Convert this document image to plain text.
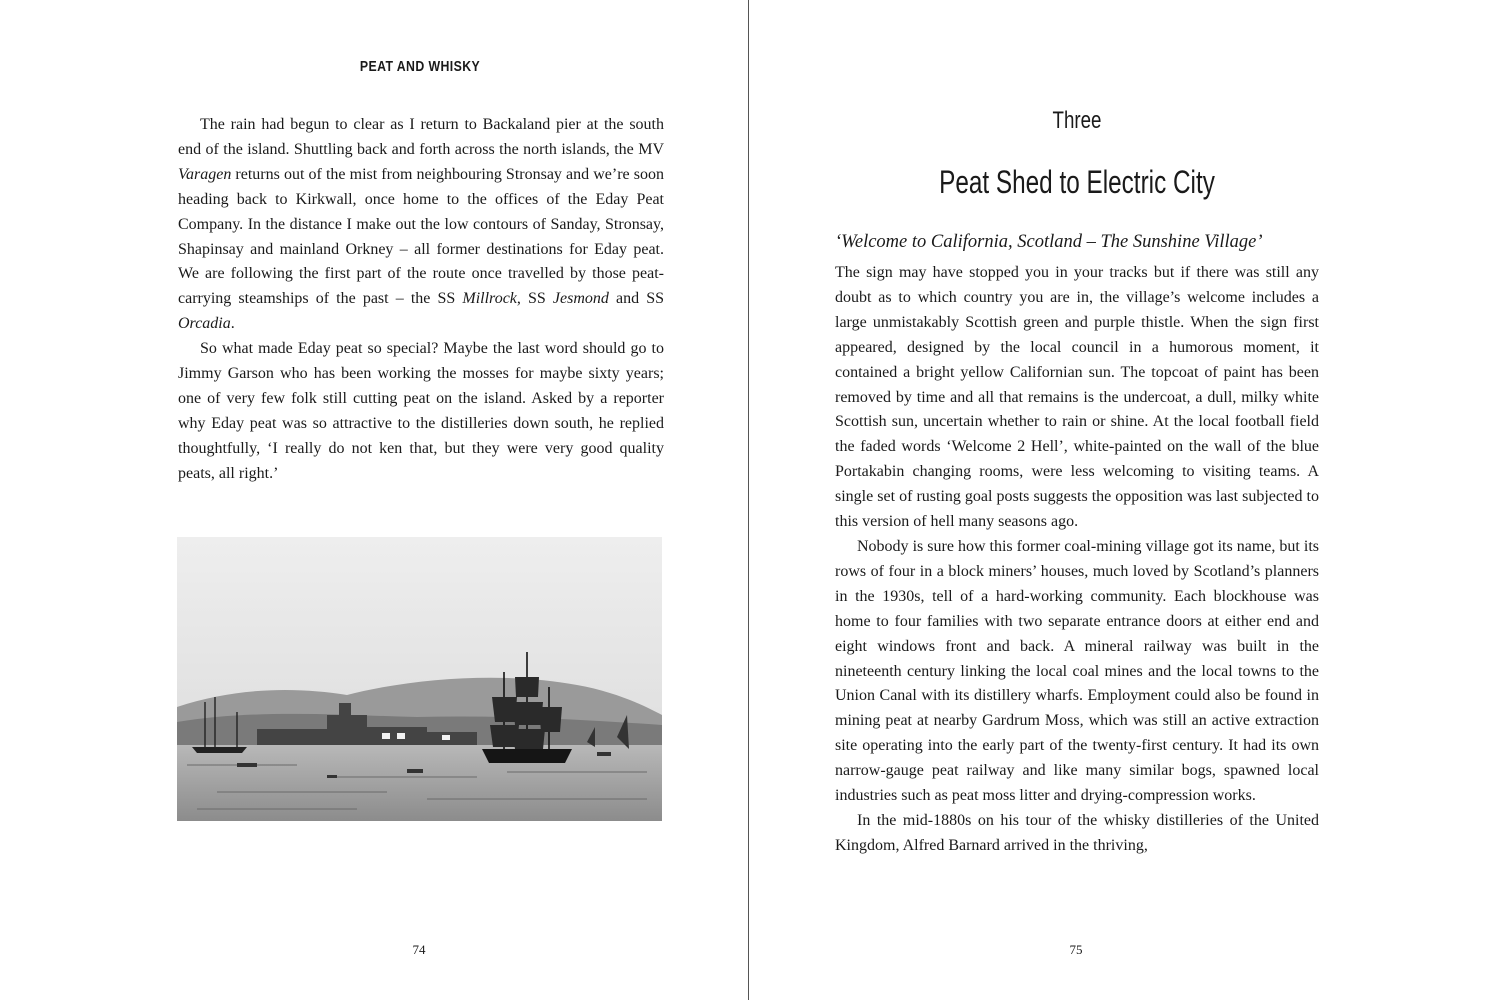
PEAT AND WHISKY

The rain had begun to clear as I return to Backaland pier at the south end of the island. Shuttling back and forth across the north islands, the MV Varagen returns out of the mist from neighbouring Stronsay and we’re soon heading back to Kirkwall, once home to the offices of the Eday Peat Company. In the distance I make out the low contours of Sanday, Stronsay, Shapinsay and mainland Orkney – all former destinations for Eday peat. We are following the first part of the route once travelled by those peat-carrying steamships of the past – the SS Millrock, SS Jesmond and SS Orcadia.

So what made Eday peat so special? Maybe the last word should go to Jimmy Garson who has been working the mosses for maybe sixty years; one of very few folk still cutting peat on the island. Asked by a reporter why Eday peat was so attractive to the distilleries down south, he replied thoughtfully, ‘I really do not ken that, but they were very good quality peats, all right.’

74
Three
Peat Shed to Electric City
‘Welcome to California, Scotland – The Sunshine Village’

The sign may have stopped you in your tracks but if there was still any doubt as to which country you are in, the village’s welcome includes a large unmistakably Scottish green and purple thistle. When the sign first appeared, designed by the local council in a humorous moment, it contained a bright yellow Californian sun. The topcoat of paint has been removed by time and all that remains is the undercoat, a dull, milky white Scottish sun, uncertain whether to rain or shine. At the local football field the faded words ‘Welcome 2 Hell’, white-painted on the wall of the blue Portakabin changing rooms, were less welcoming to visiting teams. A single set of rusting goal posts suggests the opposition was last subjected to this version of hell many seasons ago.

Nobody is sure how this former coal-mining village got its name, but its rows of four in a block miners’ houses, much loved by Scotland’s planners in the 1930s, tell of a hard-working community. Each blockhouse was home to four families with two separate entrance doors at either end and eight windows front and back. A mineral railway was built in the nineteenth century linking the local coal mines and the local towns to the Union Canal with its distillery wharfs. Employment could also be found in mining peat at nearby Gardrum Moss, which was still an active extraction site operating into the early part of the twenty-first century. It had its own narrow-gauge peat railway and like many similar bogs, spawned local industries such as peat moss litter and drying-compression works.

In the mid-1880s on his tour of the whisky distilleries of the United Kingdom, Alfred Barnard arrived in the thriving,

75
